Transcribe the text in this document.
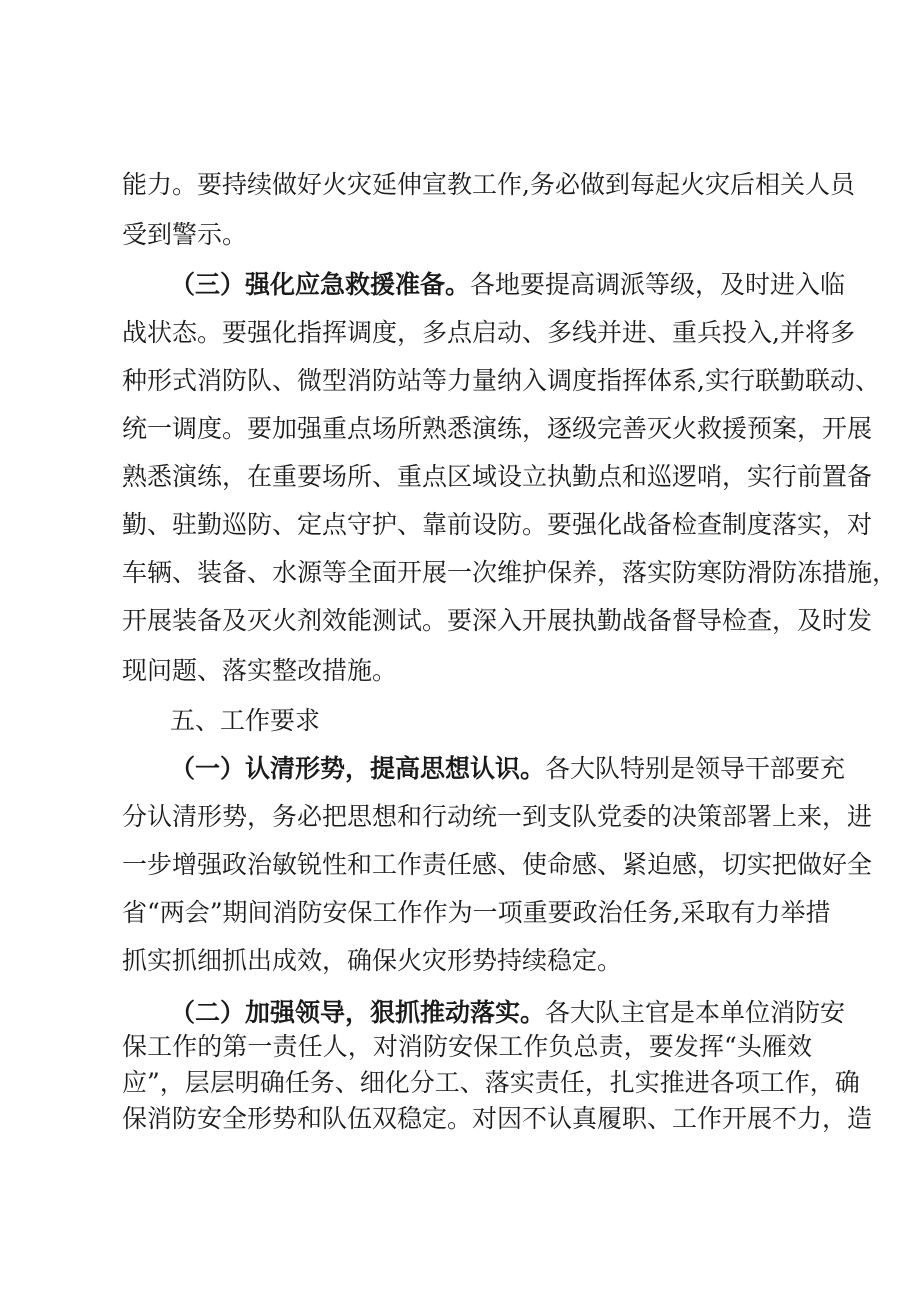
能力。要持续做好火灾延伸宣教工作,务必做到每起火灾后相关人员
受到警示。
（三）强化应急救援准备。各地要提高调派等级，及时进入临
战状态。要强化指挥调度，多点启动、多线并进、重兵投入,并将多
种形式消防队、微型消防站等力量纳入调度指挥体系,实行联勤联动、
统一调度。要加强重点场所熟悉演练，逐级完善灭火救援预案，开展
熟悉演练，在重要场所、重点区域设立执勤点和巡逻哨，实行前置备
勤、驻勤巡防、定点守护、靠前设防。要强化战备检查制度落实，对
车辆、装备、水源等全面开展一次维护保养，落实防寒防滑防冻措施，
开展装备及灭火剂效能测试。要深入开展执勤战备督导检查，及时发
现问题、落实整改措施。
五、工作要求
（一）认清形势，提高思想认识。各大队特别是领导干部要充
分认清形势，务必把思想和行动统一到支队党委的决策部署上来，进
一步增强政治敏锐性和工作责任感、使命感、紧迫感，切实把做好全
省“两会”期间消防安保工作作为一项重要政治任务,采取有力举措
抓实抓细抓出成效，确保火灾形势持续稳定。
（二）加强领导，狠抓推动落实。各大队主官是本单位消防安
保工作的第一责任人，对消防安保工作负总责，要发挥“头雁效
应”，层层明确任务、细化分工、落实责任，扎实推进各项工作，确
保消防安全形势和队伍双稳定。对因不认真履职、工作开展不力，造
